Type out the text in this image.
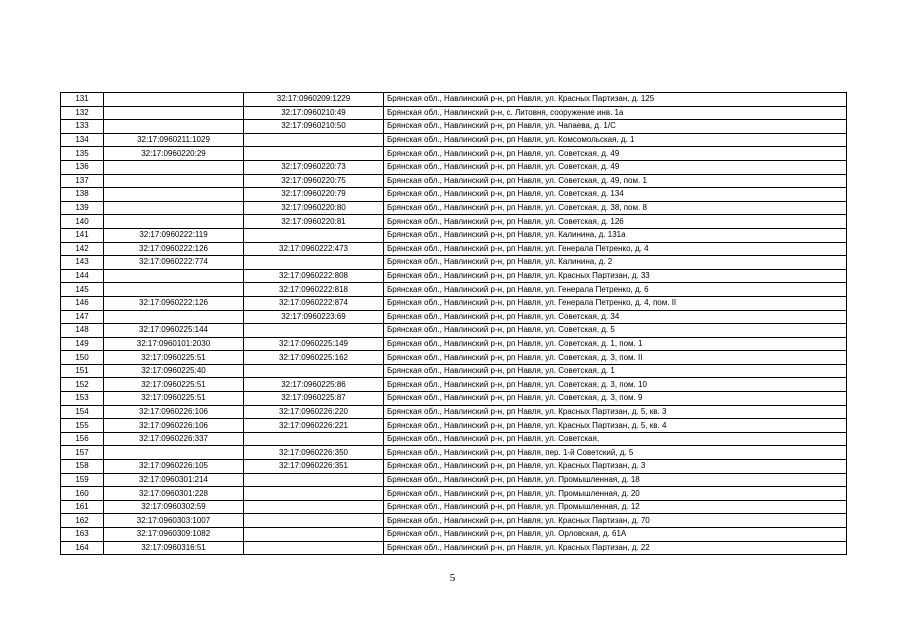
131		32:17:0960209:1229	Брянская обл., Навлинский р-н, рп Навля, ул. Красных Партизан, д. 125
132		32:17:0960210:49	Брянская обл., Навлинский р-н, с. Литовня, сооружение инв. 1а
133		32:17:0960210:50	Брянская обл., Навлинский р-н, рп Навля, ул. Чапаева, д. 1/С
134	32:17:0960211:1029		Брянская обл., Навлинский р-н, рп Навля, ул. Комсомольская, д. 1
135	32:17:0960220:29		Брянская обл., Навлинский р-н, рп Навля, ул. Советская, д. 49
136		32:17:0960220:73	Брянская обл., Навлинский р-н, рп Навля, ул. Советская, д. 49
137		32:17:0960220:75	Брянская обл., Навлинский р-н, рп Навля, ул. Советская, д. 49, пом. 1
138		32:17:0960220:79	Брянская обл., Навлинский р-н, рп Навля, ул. Советская, д. 134
139		32:17:0960220:80	Брянская обл., Навлинский р-н, рп Навля, ул. Советская, д. 38, пом. 8
140		32:17:0960220:81	Брянская обл., Навлинский р-н, рп Навля, ул. Советская, д. 126
141	32:17:0960222:119		Брянская обл., Навлинский р-н, рп Навля, ул. Калинина, д. 131а
142	32:17:0960222:126	32:17:0960222:473	Брянская обл., Навлинский р-н, рп Навля, ул. Генерала Петренко, д. 4
143	32:17:0960222:774		Брянская обл., Навлинский р-н, рп Навля, ул. Калинина, д. 2
144		32:17:0960222:808	Брянская обл., Навлинский р-н, рп Навля, ул. Красных Партизан, д. 33
145		32:17:0960222:818	Брянская обл., Навлинский р-н, рп Навля, ул. Генерала Петренко, д. 6
146	32:17:0960222:126	32:17:0960222:874	Брянская обл., Навлинский р-н, рп Навля, ул. Генерала Петренко, д. 4, пом. II
147		32:17:0960223:69	Брянская обл., Навлинский р-н, рп Навля, ул. Советская, д. 34
148	32:17:0960225:144		Брянская обл., Навлинский р-н, рп Навля, ул. Советская, д. 5
149	32:17:0960101:2030	32:17:0960225:149	Брянская обл., Навлинский р-н, рп Навля, ул. Советская, д. 1, пом. 1
150	32:17:0960225:51	32:17:0960225:162	Брянская обл., Навлинский р-н, рп Навля, ул. Советская, д. 3, пом. II
151	32:17:0960225:40		Брянская обл., Навлинский р-н, рп Навля, ул. Советская, д. 1
152	32:17:0960225:51	32:17:0960225:86	Брянская обл., Навлинский р-н, рп Навля, ул. Советская, д. 3, пом. 10
153	32:17:0960225:51	32:17:0960225:87	Брянская обл., Навлинский р-н, рп Навля, ул. Советская, д. 3, пом. 9
154	32:17:0960226:106	32:17:0960226:220	Брянская обл., Навлинский р-н, рп Навля, ул. Красных Партизан, д. 5, кв. 3
155	32:17:0960226:106	32:17:0960226:221	Брянская обл., Навлинский р-н, рп Навля, ул. Красных Партизан, д. 5, кв. 4
156	32:17:0960226:337		Брянская обл., Навлинский р-н, рп Навля, ул. Советская,
157		32:17:0960226:350	Брянская обл., Навлинский р-н, рп Навля, пер. 1-й Советский, д. 5
158	32:17:0960226:105	32:17:0960226:351	Брянская обл., Навлинский р-н, рп Навля, ул. Красных Партизан, д. 3
159	32:17:0960301:214		Брянская обл., Навлинский р-н, рп Навля, ул. Промышленная, д. 18
160	32:17:0960301:228		Брянская обл., Навлинский р-н, рп Навля, ул. Промышленная, д. 20
161	32:17:0960302:59		Брянская обл., Навлинский р-н, рп Навля, ул. Промышленная, д. 12
162	32:17:0960303:1007		Брянская обл., Навлинский р-н, рп Навля, ул. Красных Партизан, д. 70
163	32:17:0960309:1082		Брянская обл., Навлинский р-н, рп Навля, ул. Орловская, д. 61А
164	32:17:0960316:51		Брянская обл., Навлинский р-н, рп Навля, ул. Красных Партизан, д. 22
5
